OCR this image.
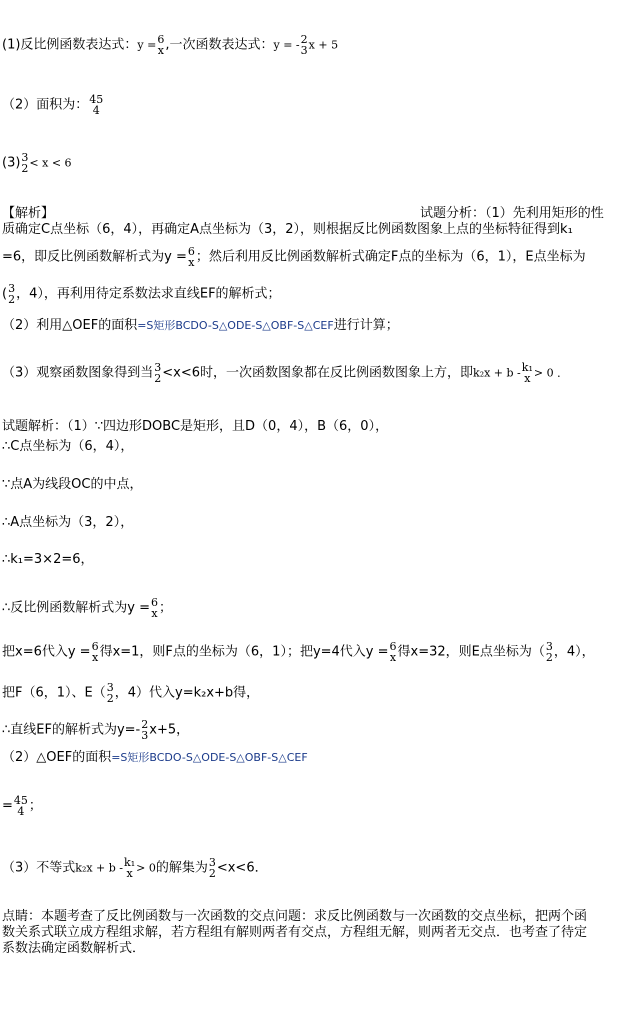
(1)反比例函数表达式：y = 6
x ,一次函数表达式：y = - 2
3 x + 5
（2）面积为： 45
4
(3) 3
2 < x < 6
【解析】	试题分析：（1）先利用矩形的性
质确定C点坐标（6，4），再确定A点坐标为（3，2），则根据反比例函数图象上点的坐标特征得到k₁
=6，即反比例函数解析式为y = 6
x ；然后利用反比例函数解析式确定F点的坐标为（6，1），E点坐标为
( 3
2 ，4），再利用待定系数法求直线EF的解析式；
（2）利用△OEF的面积=S矩形BCDO-S△ODE-S△OBF-S△CEF进行计算；
（3）观察函数图象得到当 3
2 <x<6时，一次函数图象都在反比例函数图象上方，即k₂x + b - k₁
x > 0 ．
试题解析：（1）∵四边形DOBC是矩形，且D（0，4），B（6，0），
∴C点坐标为（6，4），
∵点A为线段OC的中点，
∴A点坐标为（3，2），
∴k₁=3×2=6，
∴反比例函数解析式为y = 6
x ；
把x=6代入y = 6
x 得x=1，则F点的坐标为（6，1）；把y=4代入y = 6
x 得x=32，则E点坐标为（ 3
2 ，4），
把F（6，1）、E（ 3
2 ，4）代入y=k₂x+b得，
∴直线EF的解析式为y=- 2
3 x+5，
（2）△OEF的面积=S矩形BCDO-S△ODE-S△OBF-S△CEF
= 45
4 ；
（3）不等式k₂x + b - k₁
x > 0的解集为 3
2 <x<6．
点睛：本题考查了反比例函数与一次函数的交点问题：求反比例函数与一次函数的交点坐标，把两个函
数关系式联立成方程组求解，若方程组有解则两者有交点，方程组无解，则两者无交点．也考查了待定
系数法确定函数解析式．
